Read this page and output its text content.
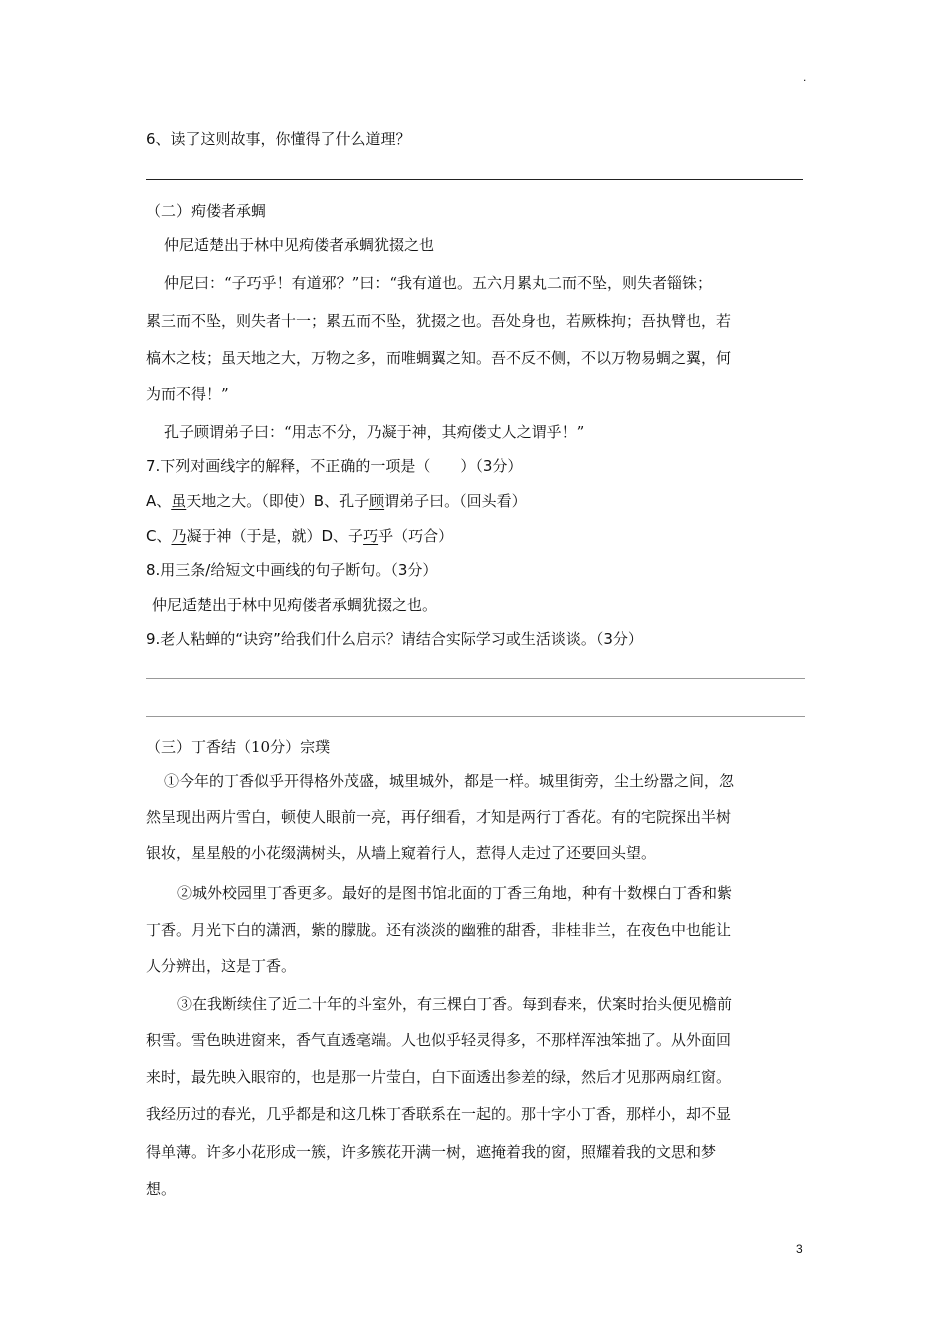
.
6、读了这则故事，你懂得了什么道理？
（二）痀偻者承蜩
仲尼适楚出于林中见痀偻者承蜩犹掇之也
仲尼曰：“子巧乎！有道邪？”曰：“我有道也。五六月累丸二而不坠，则失者锱铢；
累三而不坠，则失者十一；累五而不坠，犹掇之也。吾处身也，若厥株拘；吾执臂也，若
槁木之枝；虽天地之大，万物之多，而唯蜩翼之知。吾不反不侧，不以万物易蜩之翼，何
为而不得！”
孔子顾谓弟子曰：“用志不分，乃凝于神，其痀偻丈人之谓乎！”
7.下列对画线字的解释，不正确的一项是（　　）（3分）
A、虽天地之大。（即使）B、孔子顾谓弟子曰。（回头看）
C、乃凝于神（于是，就）D、子巧乎（巧合）
8.用三条/给短文中画线的句子断句。（3分）
仲尼适楚出于林中见痀偻者承蜩犹掇之也。
9.老人粘蝉的“诀窍”给我们什么启示？请结合实际学习或生活谈谈。（3分）
（三）丁香结（10分）宗璞
①今年的丁香似乎开得格外茂盛，城里城外，都是一样。城里街旁，尘土纷嚣之间，忽
然呈现出两片雪白，顿使人眼前一亮，再仔细看，才知是两行丁香花。有的宅院探出半树
银妆，星星般的小花缀满树头，从墙上窥着行人，惹得人走过了还要回头望。
②城外校园里丁香更多。最好的是图书馆北面的丁香三角地，种有十数棵白丁香和紫
丁香。月光下白的潇洒，紫的朦胧。还有淡淡的幽雅的甜香，非桂非兰，在夜色中也能让
人分辨出，这是丁香。
③在我断续住了近二十年的斗室外，有三棵白丁香。每到春来，伏案时抬头便见檐前
积雪。雪色映进窗来，香气直透毫端。人也似乎轻灵得多，不那样浑浊笨拙了。从外面回
来时，最先映入眼帘的，也是那一片莹白，白下面透出参差的绿，然后才见那两扇红窗。
我经历过的春光，几乎都是和这几株丁香联系在一起的。那十字小丁香，那样小，却不显
得单薄。许多小花形成一簇，许多簇花开满一树，遮掩着我的窗，照耀着我的文思和梦
想。
3
